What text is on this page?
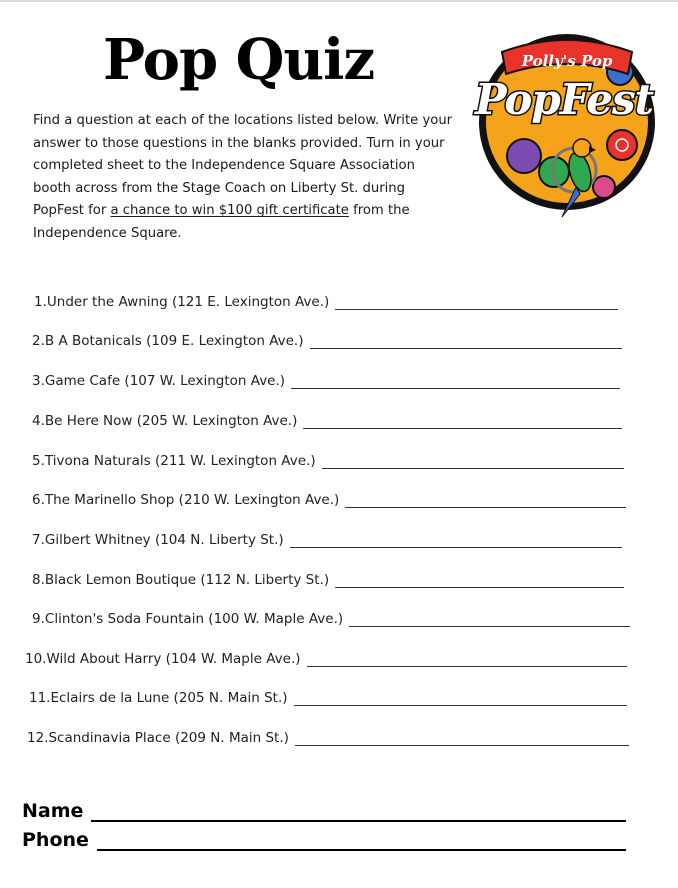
Pop Quiz
Find a question at each of the locations listed below. Write your answer to those questions in the blanks provided. Turn in your completed sheet to the Independence Square Association booth across from the Stage Coach on Liberty St. during PopFest for a chance to win $100 gift certificate from the Independence Square.
Polly's Pop
PopFest
1. Under the Awning (121 E. Lexington Ave.)
2. B A Botanicals (109 E. Lexington Ave.)
3. Game Cafe (107 W. Lexington Ave.)
4. Be Here Now (205 W. Lexington Ave.)
5. Tivona Naturals (211 W. Lexington Ave.)
6. The Marinello Shop (210 W. Lexington Ave.)
7. Gilbert Whitney (104 N. Liberty St.)
8. Black Lemon Boutique (112 N. Liberty St.)
9. Clinton's Soda Fountain (100 W. Maple Ave.)
10. Wild About Harry (104 W. Maple Ave.)
11. Eclairs de la Lune (205 N. Main St.)
12. Scandinavia Place (209 N. Main St.)
Name
Phone
